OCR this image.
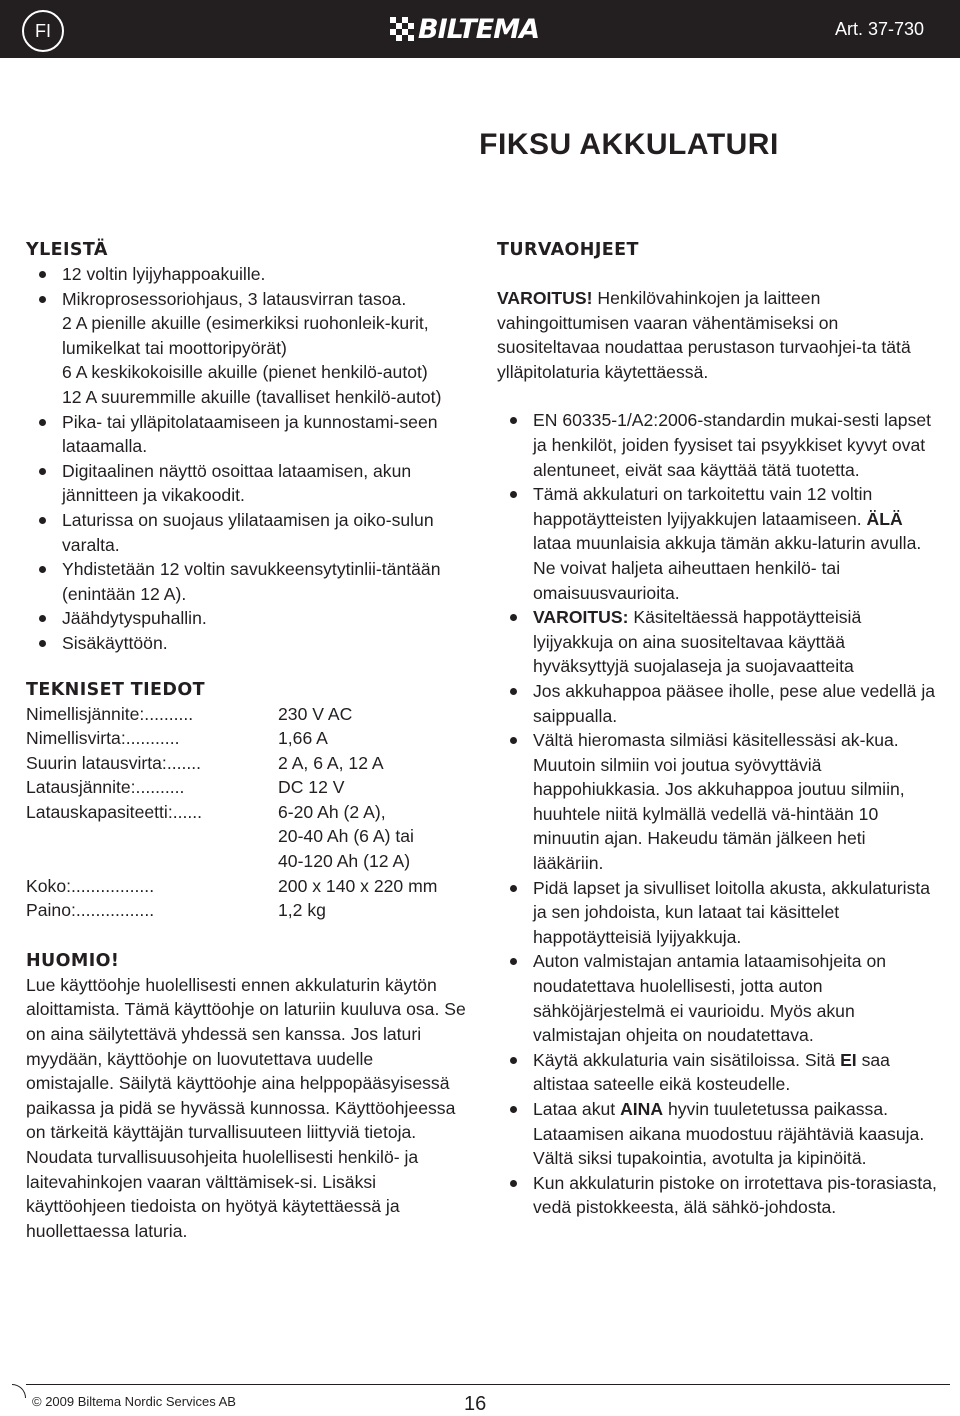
FI	BILTEMA	Art. 37-730
FIKSU AKKULATURI
YLEISTÄ
12 voltin lyijyhappoakuille.
Mikroprosessoriohjaus, 3 latausvirran tasoa.
2 A pienille akuille (esimerkiksi ruohonleik-kurit, lumikelkat tai moottoripyörät)
6 A keskikokoisille akuille (pienet henkilö-autot)
12 A suuremmille akuille (tavalliset henkilö-autot)
Pika- tai ylläpitolataamiseen ja kunnostami-seen lataamalla.
Digitaalinen näyttö osoittaa lataamisen, akun jännitteen ja vikakoodit.
Laturissa on suojaus ylilataamisen ja oiko-sulun varalta.
Yhdistetään 12 voltin savukkeensytytinlii-täntään (enintään 12 A).
Jäähdytyspuhallin.
Sisäkäyttöön.
TEKNISET TIEDOT
Nimellisjännite:..........	230 V AC
Nimellisvirta:...........	1,66 A
Suurin latausvirta:.......	2 A, 6 A, 12 A
Latausjännite:..........	DC 12 V
Latauskapasiteetti:......	6-20 Ah (2 A),
20-40 Ah (6 A) tai
40-120 Ah (12 A)
Koko:.................	200 x 140 x 220 mm
Paino:................	1,2 kg
HUOMIO!
Lue käyttöohje huolellisesti ennen akkulaturin käytön aloittamista. Tämä käyttöohje on laturiin kuuluva osa. Se on aina säilytettävä yhdessä sen kanssa. Jos laturi myydään, käyttöohje on luovutettava uudelle omistajalle. Säilytä käyttöohje aina helppopääsyisessä paikassa ja pidä se hyvässä kunnossa. Käyttöohjeessa on tärkeitä käyttäjän turvallisuuteen liittyviä tietoja. Noudata turvallisuusohjeita huolellisesti henkilö- ja laitevahinkojen vaaran välttämisek-si. Lisäksi käyttöohjeen tiedoista on hyötyä käytettäessä ja huollettaessa laturia.
TURVAOHJEET
VAROITUS! Henkilövahinkojen ja laitteen vahingoittumisen vaaran vähentämiseksi on suositeltavaa noudattaa perustason turvaohjei-ta tätä ylläpitolaturia käytettäessä.
EN 60335-1/A2:2006-standardin mukai-sesti lapset ja henkilöt, joiden fyysiset tai psyykkiset kyvyt ovat alentuneet, eivät saa käyttää tätä tuotetta.
Tämä akkulaturi on tarkoitettu vain 12 voltin happotäytteisten lyijyakkujen lataamiseen. ÄLÄ lataa muunlaisia akkuja tämän akku-laturin avulla. Ne voivat haljeta aiheuttaen henkilö- tai omaisuusvaurioita.
VAROITUS: Käsiteltäessä happotäytteisiä lyijyakkuja on aina suositeltavaa käyttää hyväksyttyjä suojalaseja ja suojavaatteita
Jos akkuhappoa pääsee iholle, pese alue vedellä ja saippualla.
Vältä hieromasta silmiäsi käsitellessäsi ak-kua. Muutoin silmiin voi joutua syövyttäviä happohiukkasia. Jos akkuhappoa joutuu silmiin, huuhtele niitä kylmällä vedellä vä-hintään 10 minuutin ajan. Hakeudu tämän jälkeen heti lääkäriin.
Pidä lapset ja sivulliset loitolla akusta, akkulaturista ja sen johdoista, kun lataat tai käsittelet happotäytteisiä lyijyakkuja.
Auton valmistajan antamia lataamisohjeita on noudatettava huolellisesti, jotta auton sähköjärjestelmä ei vaurioidu. Myös akun valmistajan ohjeita on noudatettava.
Käytä akkulaturia vain sisätiloissa. Sitä EI saa altistaa sateelle eikä kosteudelle.
Lataa akut AINA hyvin tuuletetussa paikassa. Lataamisen aikana muodostuu räjähtäviä kaasuja. Vältä siksi tupakointia, avotulta ja kipinöitä.
Kun akkulaturin pistoke on irrotettava pis-torasiasta, vedä pistokkeesta, älä sähkö-johdosta.
© 2009 Biltema Nordic Services AB	16
